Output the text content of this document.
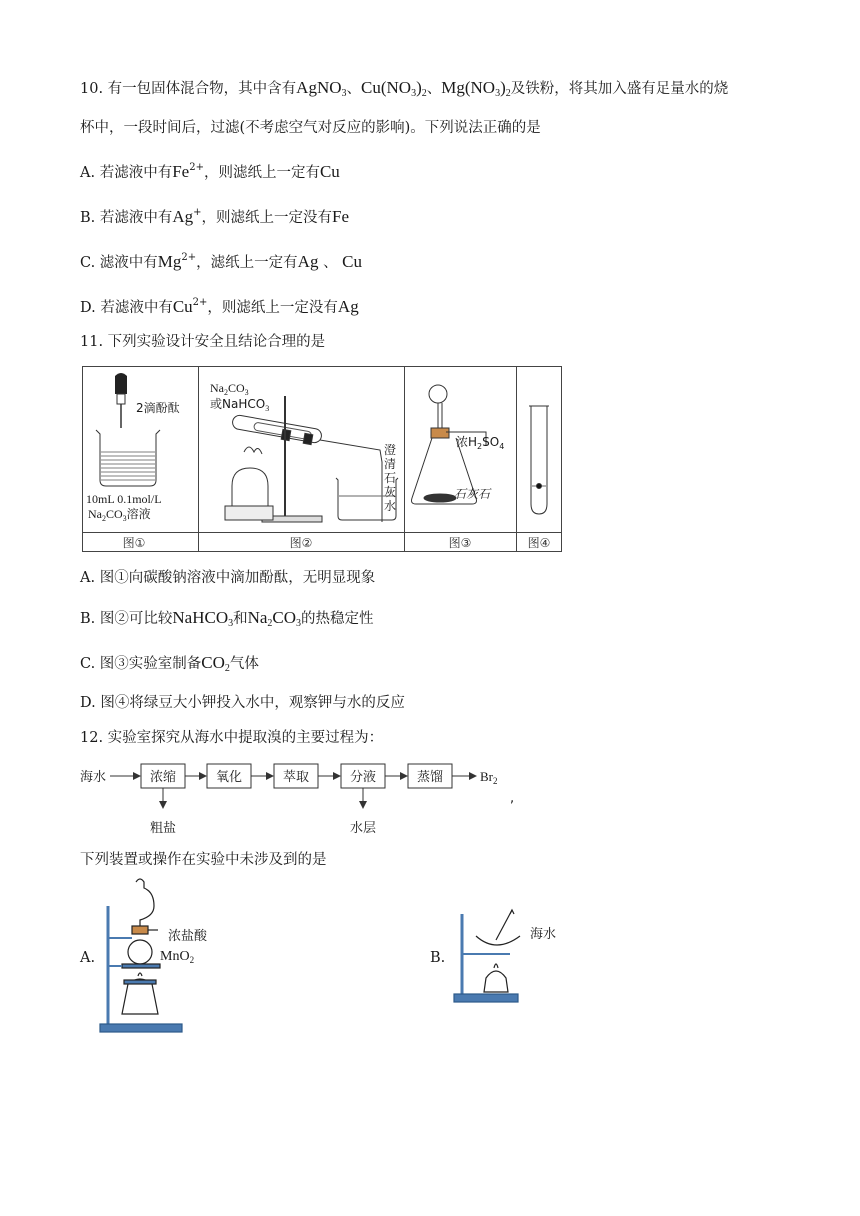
10. 有一包固体混合物，其中含有AgNO$_3$、$Cu(NO_3)_2$、$Mg(NO_3)_2$及铁粉，将其加入盛有足量水的烧
杯中，一段时间后，过滤(不考虑空气对反应的影响)。下列说法正确的是
A. 若滤液中有$Fe^{2+}$，则滤纸上一定有Cu
B. 若滤液中有Ag+，则滤纸上一定没有Fe
C. 滤液中有$Mg^{2+}$，滤纸上一定有Ag 、 Cu
D. 若滤液中有$Cu^{2+}$，则滤纸上一定没有Ag
11. 下列实验设计安全且结论合理的是
2滴酚酞
10mL 0.1mol/L
$Na_2CO_3$溶液
图①
$Na_2CO_3$
或NaHCO$_3$
澄
清
石
灰
水
图②
浓$H_2SO_4$
石灰石
图③	图④
A. 图①向碳酸钠溶液中滴加酚酞，无明显现象
B. 图②可比较NaHCO$_3$和$Na_2CO_3$的热稳定性
C. 图③实验室制备$CO_2$气体
D. 图④将绿豆大小钾投入水中，观察钾与水的反应
12. 实验室探究从海水中提取溴的主要过程为：
海水	浓缩	氧化	萃取	分液	蒸馏	$Br_2$
,
粗盐	水层
下列装置或操作在实验中未涉及到的是
A.
浓盐酸
MnO$_2$	B.
海水
